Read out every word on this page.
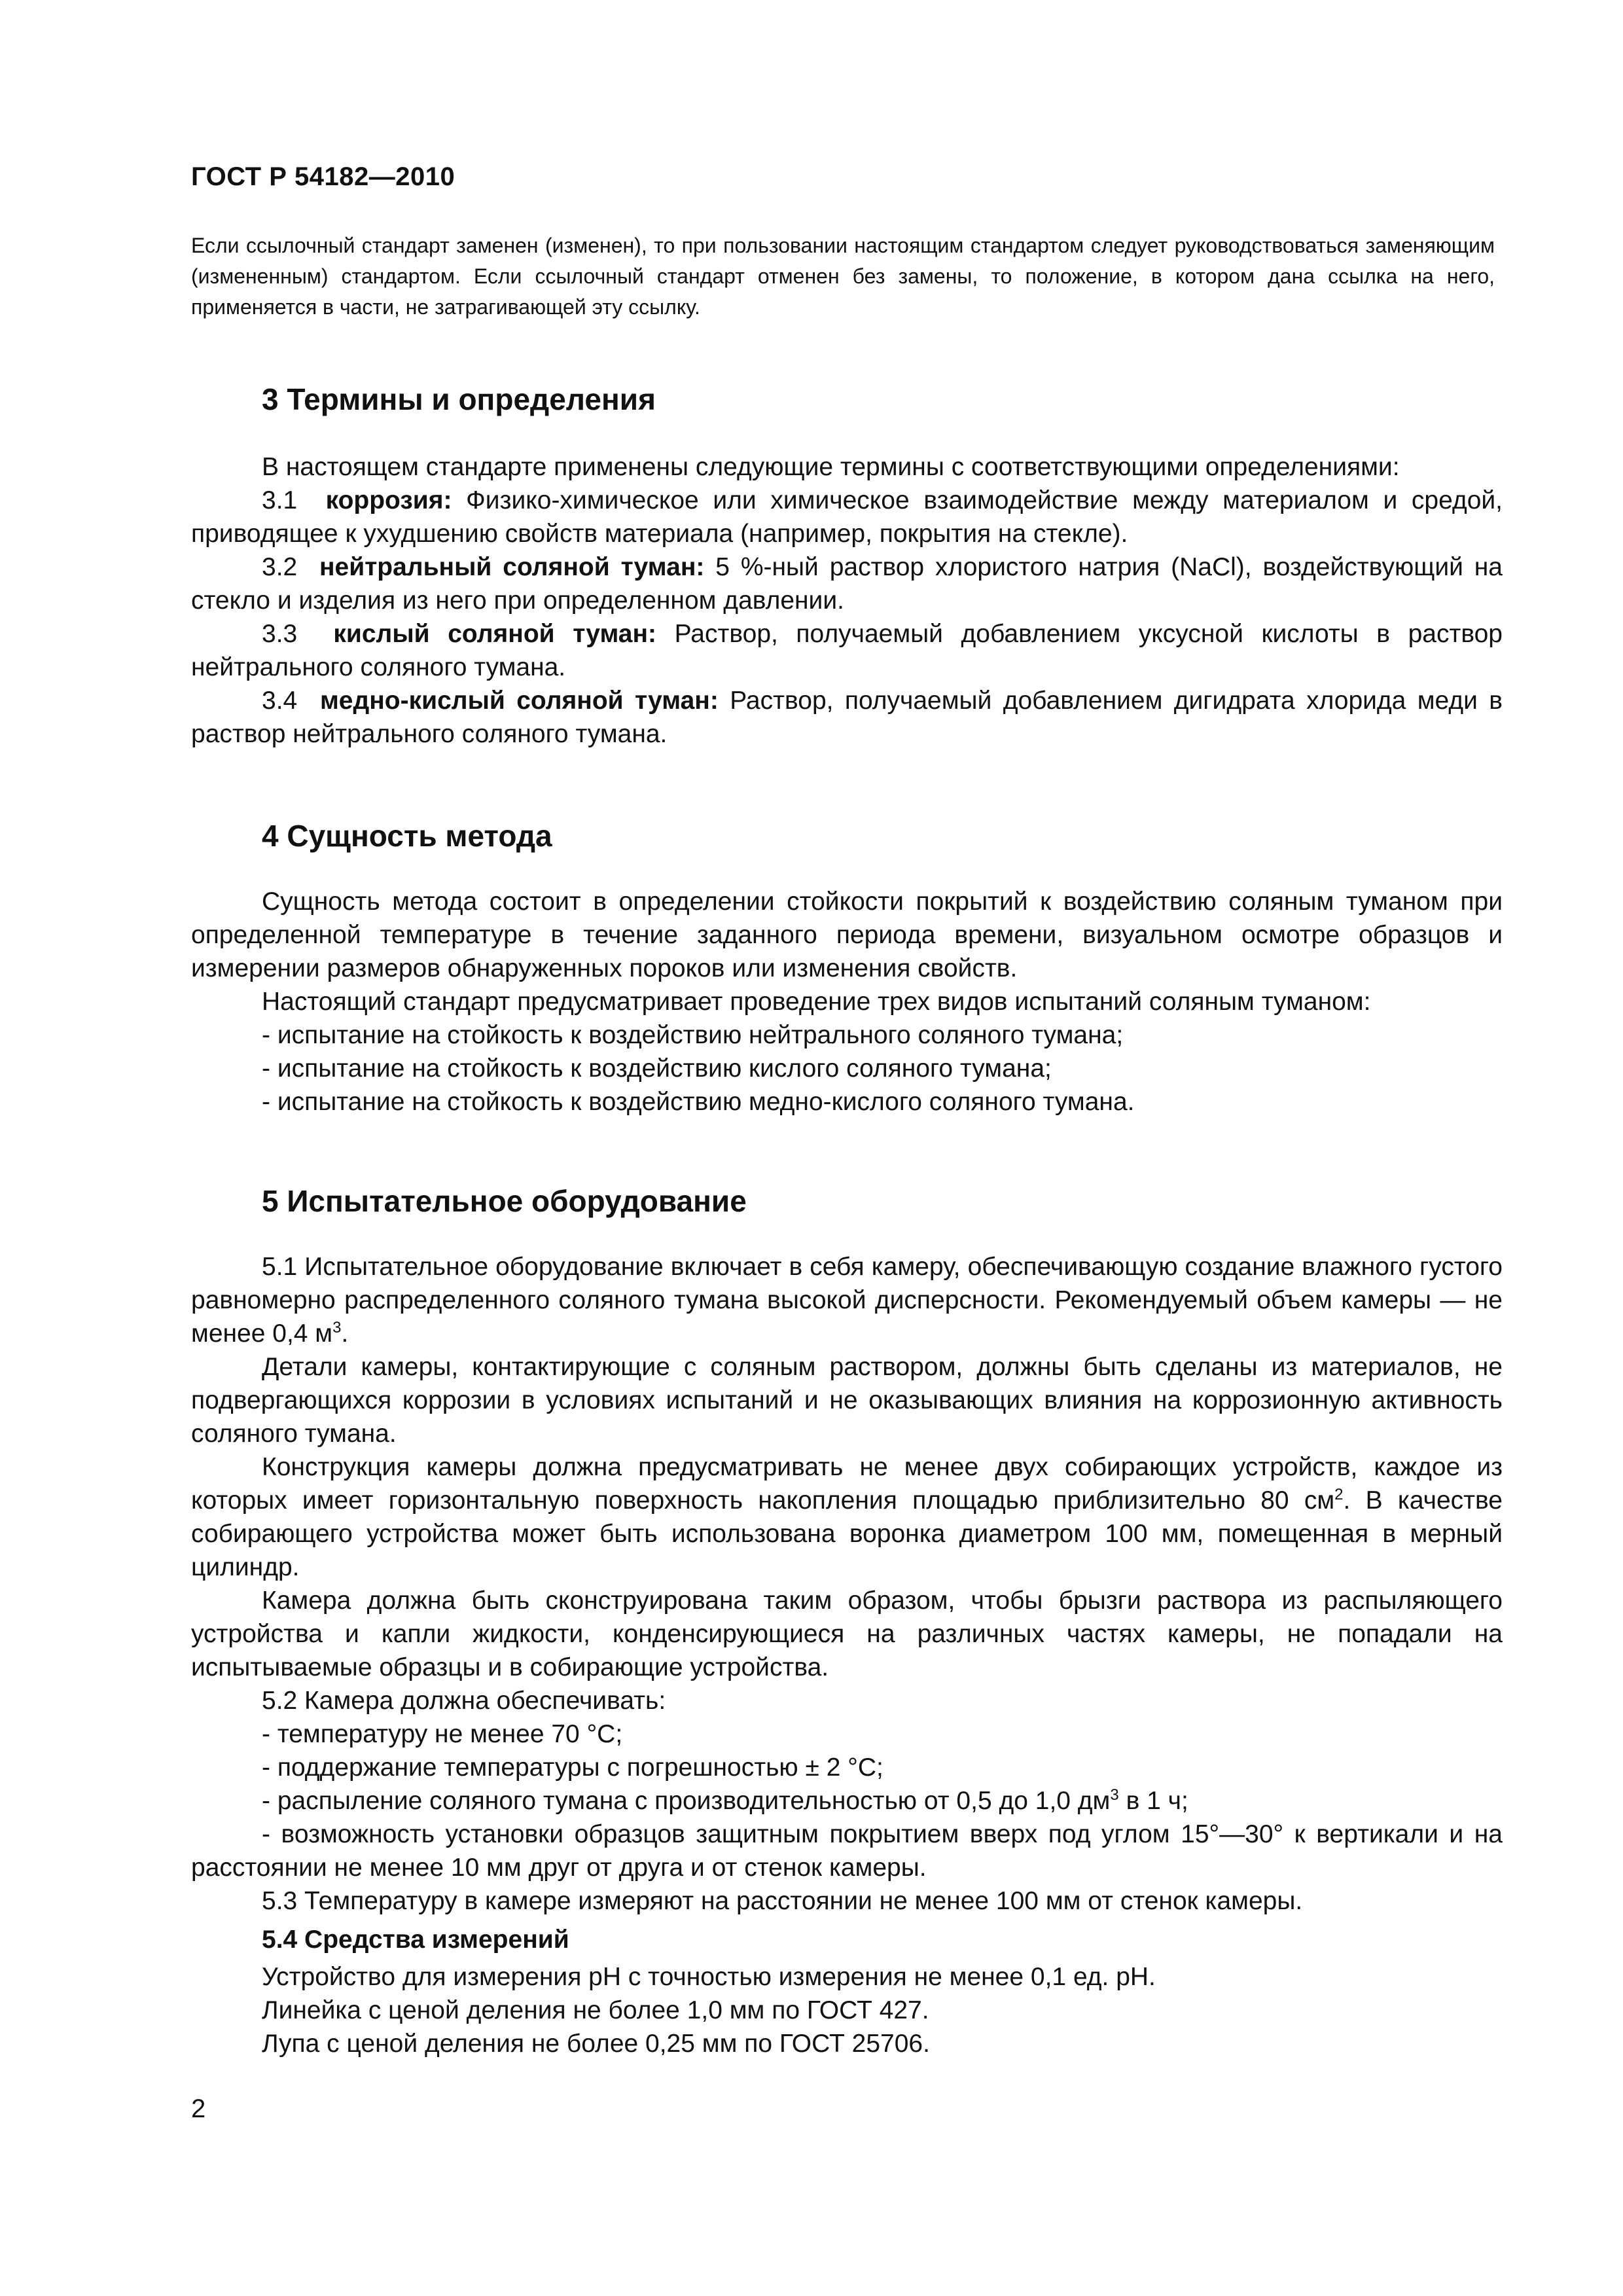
ГОСТ Р 54182—2010
Если ссылочный стандарт заменен (изменен), то при пользовании настоящим стандартом следует руководствоваться заменяющим (измененным) стандартом. Если ссылочный стандарт отменен без замены, то положение, в котором дана ссылка на него, применяется в части, не затрагивающей эту ссылку.
3 Термины и определения

В настоящем стандарте применены следующие термины с соответствующими определениями:

3.1 коррозия: Физико-химическое или химическое взаимодействие между материалом и средой, приводящее к ухудшению свойств материала (например, покрытия на стекле).

3.2 нейтральный соляной туман: 5 %-ный раствор хлористого натрия (NaCl), воздействующий на стекло и изделия из него при определенном давлении.

3.3 кислый соляной туман: Раствор, получаемый добавлением уксусной кислоты в раствор нейтрального соляного тумана.

3.4 медно-кислый соляной туман: Раствор, получаемый добавлением дигидрата хлорида меди в раствор нейтрального соляного тумана.

4 Сущность метода

Сущность метода состоит в определении стойкости покрытий к воздействию соляным туманом при определенной температуре в течение заданного периода времени, визуальном осмотре образцов и измерении размеров обнаруженных пороков или изменения свойств.

Настоящий стандарт предусматривает проведение трех видов испытаний соляным туманом:

- испытание на стойкость к воздействию нейтрального соляного тумана;

- испытание на стойкость к воздействию кислого соляного тумана;

- испытание на стойкость к воздействию медно-кислого соляного тумана.

5 Испытательное оборудование

5.1 Испытательное оборудование включает в себя камеру, обеспечивающую создание влажного густого равномерно распределенного соляного тумана высокой дисперсности. Рекомендуемый объем камеры — не менее 0,4 $м^3$.

Детали камеры, контактирующие с соляным раствором, должны быть сделаны из материалов, не подвергающихся коррозии в условиях испытаний и не оказывающих влияния на коррозионную активность соляного тумана.

Конструкция камеры должна предусматривать не менее двух собирающих устройств, каждое из которых имеет горизонтальную поверхность накопления площадью приблизительно 80 $см^2$. В качестве собирающего устройства может быть использована воронка диаметром 100 мм, помещенная в мерный цилиндр.

Камера должна быть сконструирована таким образом, чтобы брызги раствора из распыляющего устройства и капли жидкости, конденсирующиеся на различных частях камеры, не попадали на испытываемые образцы и в собирающие устройства.

5.2 Камера должна обеспечивать:

- температуру не менее 70 °С;

- поддержание температуры с погрешностью ± 2 °С;

- распыление соляного тумана с производительностью от 0,5 до 1,0 $дм^3$ в 1 ч;

- возможность установки образцов защитным покрытием вверх под углом 15°—30° к вертикали и на расстоянии не менее 10 мм друг от друга и от стенок камеры.

5.3 Температуру в камере измеряют на расстоянии не менее 100 мм от стенок камеры.

5.4 Средства измерений

Устройство для измерения рН с точностью измерения не менее 0,1 ед. рН.

Линейка с ценой деления не более 1,0 мм по ГОСТ 427.

Лупа с ценой деления не более 0,25 мм по ГОСТ 25706.

2
